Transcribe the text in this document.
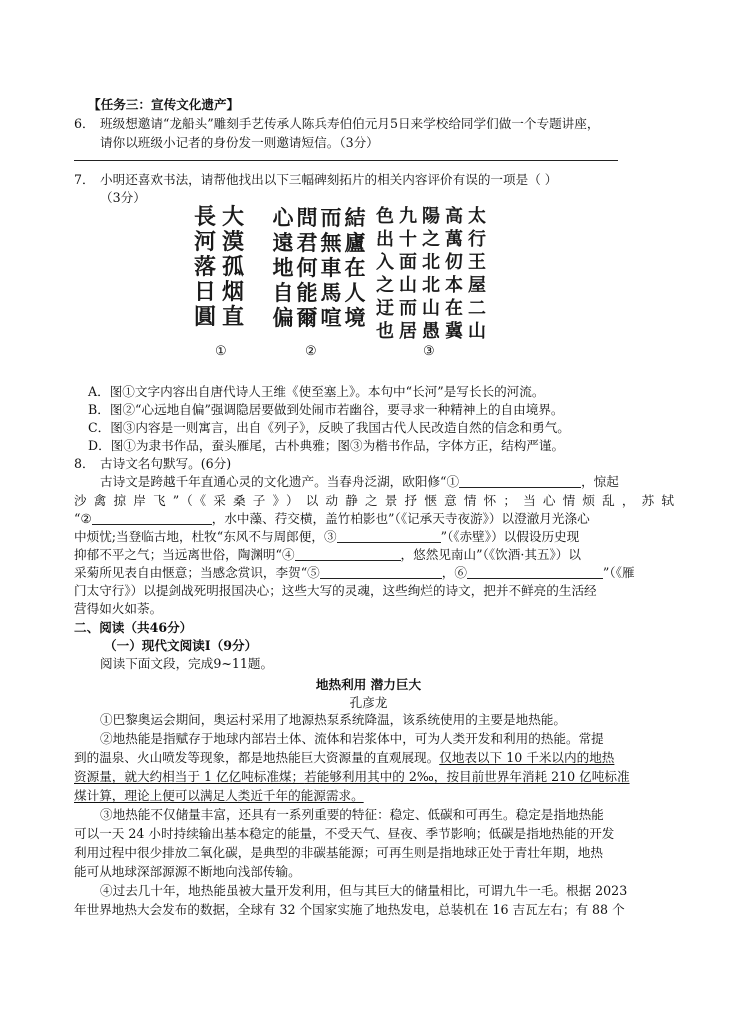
【任务三：宣传文化遗产】
6． 班级想邀请“龙船头”雕刻手艺传承人陈兵寿伯伯元月5日来学校给同学们做一个专题讲座，
请你以班级小记者的身份发一则邀请短信。（3分）
7． 小明还喜欢书法，请帮他找出以下三幅碑刻拓片的相关内容评价有误的一项是（ ）
（3分）
大
漠
孤
烟
直
長
河
落
日
圓
①
結
廬
在
人
境
而
無
車
馬
喧
問
君
何
能
爾
心
遠
地
自
偏
②
太
行
王
屋
二
山
高
萬
仞
本
在
冀
陽
之
北
北
山
愚
九
十
面
山
而
居
色
出
入
之
迂
也
③
A．图①文字内容出自唐代诗人王维《使至塞上》。本句中“长河”是写长长的河流。
B．图②“心远地自偏”强调隐居要做到处闹市若幽谷，要寻求一种精神上的自由境界。
C．图③内容是一则寓言，出自《列子》，反映了我国古代人民改造自然的信念和勇气。
D．图①为隶书作品，蚕头雁尾，古朴典雅；图③为楷书作品，字体方正，结构严谨。
8． 古诗文名句默写。(6分)
古诗文是跨越千年直通心灵的文化遗产。当春舟泛湖，欧阳修“①	，惊起
沙禽掠岸飞”（《采桑子》）以动静之景抒惬意情怀；当心情烦乱，苏轼
“②	，水中藻、荇交横，盖竹柏影也”（《记承天寺夜游》）以澄澈月光涤心
中烦忧;当登临古地，杜牧“东风不与周郎便，③	”（《赤壁》）以假设历史现
抑郁不平之气；当远离世俗，陶渊明“④	，悠然见南山”（《饮酒·其五》）以
采菊所见表自由惬意；当感念赏识，李贺“⑤	，⑥	”（《雁
门太守行》）以提剑战死明报国决心；这些大写的灵魂，这些绚烂的诗文，把并不鲜亮的生活经
营得如火如荼。
二、阅读（共46分）
（一）现代文阅读Ⅰ（9分）
阅读下面文段，完成9~11题。
地热利用 潜力巨大
孔彦龙
①巴黎奥运会期间，奥运村采用了地源热泵系统降温，该系统使用的主要是地热能。
②地热能是指赋存于地球内部岩土体、流体和岩浆体中，可为人类开发和利用的热能。常提
到的温泉、火山喷发等现象，都是地热能巨大资源量的直观展现。仅地表以下 10 千米以内的地热
资源量，就大约相当于 1 亿亿吨标准煤；若能够利用其中的 2‰，按目前世界年消耗 210 亿吨标准
煤计算，理论上便可以满足人类近千年的能源需求。
③地热能不仅储量丰富，还具有一系列重要的特征：稳定、低碳和可再生。稳定是指地热能
可以一天 24 小时持续输出基本稳定的能量，不受天气、昼夜、季节影响；低碳是指地热能的开发
利用过程中很少排放二氧化碳，是典型的非碳基能源；可再生则是指地球正处于青壮年期，地热
能可从地球深部源源不断地向浅部传输。
④过去几十年，地热能虽被大量开发利用，但与其巨大的储量相比，可谓九牛一毛。根据 2023
年世界地热大会发布的数据，全球有 32 个国家实施了地热发电，总装机在 16 吉瓦左右；有 88 个
